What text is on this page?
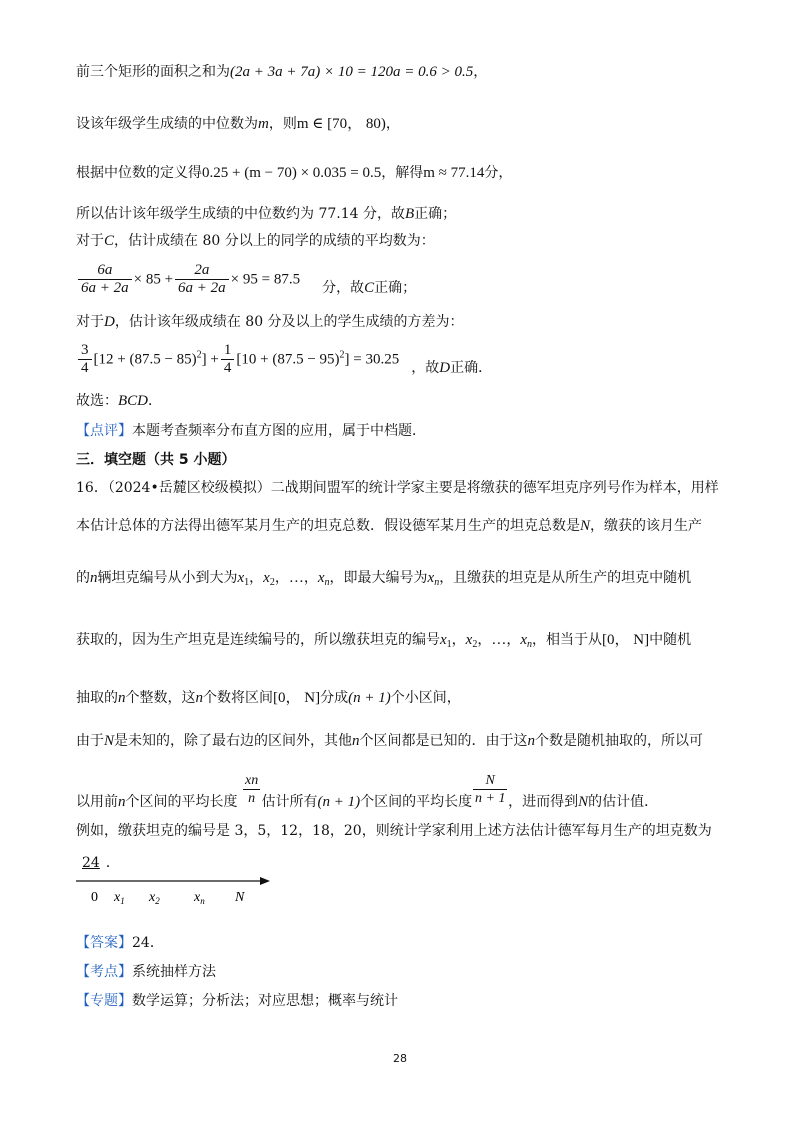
前三个矩形的面积之和为(2a + 3a + 7a) × 10 = 120a = 0.6 > 0.5，
设该年级学生成绩的中位数为m，则m ∈ [70， 80)，
根据中位数的定义得0.25 + (m − 70) × 0.035 = 0.5，解得m ≈ 77.14分，
所以估计该年级学生成绩的中位数约为 77.14 分，故B正确；
对于C，估计成绩在 80 分以上的同学的成绩的平均数为：
$\frac{6a}{6a + 2a} \times 85 + \frac{2a}{6a + 2a} \times 95 = 87.5$ 分，故C正确；
对于D，估计该年级成绩在 80 分及以上的学生成绩的方差为：
$\frac{3}{4} [12 + (87.5 - 85)^2] + \frac{1}{4} [10 + (87.5 - 95)^2] = 30.25$ ，故D正确．
故选：BCD．
【点评】本题考查频率分布直方图的应用，属于中档题．
三．填空题（共 5 小题）
16．（2024•岳麓区校级模拟）二战期间盟军的统计学家主要是将缴获的德军坦克序列号作为样本，用样
本估计总体的方法得出德军某月生产的坦克总数．假设德军某月生产的坦克总数是N，缴获的该月生产
的n辆坦克编号从小到大为$x_1$，$x_2$，…，$x_n$，即最大编号为$x_n$，且缴获的坦克是从所生产的坦克中随机
获取的，因为生产坦克是连续编号的，所以缴获坦克的编号$x_1$，$x_2$，…，$x_n$，相当于从[0， N]中随机
抽取的n个整数，这n个数将区间[0， N]分成(n + 1)个小区间，
由于N是未知的，除了最右边的区间外，其他n个区间都是已知的．由于这n个数是随机抽取的，所以可
以用前n个区间的平均长度 估计所有(n + 1)个区间的平均长度	，进而得到N的估计值．
$\frac{xn}{n}$	$\frac{N}{n + 1}$
例如，缴获坦克的编号是 3，5，12，18，20，则统计学家利用上述方法估计德军每月生产的坦克数为
24 ．
0 $x_1$ $x_2$ $x_n$ N
【答案】24．
【考点】系统抽样方法
【专题】数学运算；分析法；对应思想；概率与统计
28
